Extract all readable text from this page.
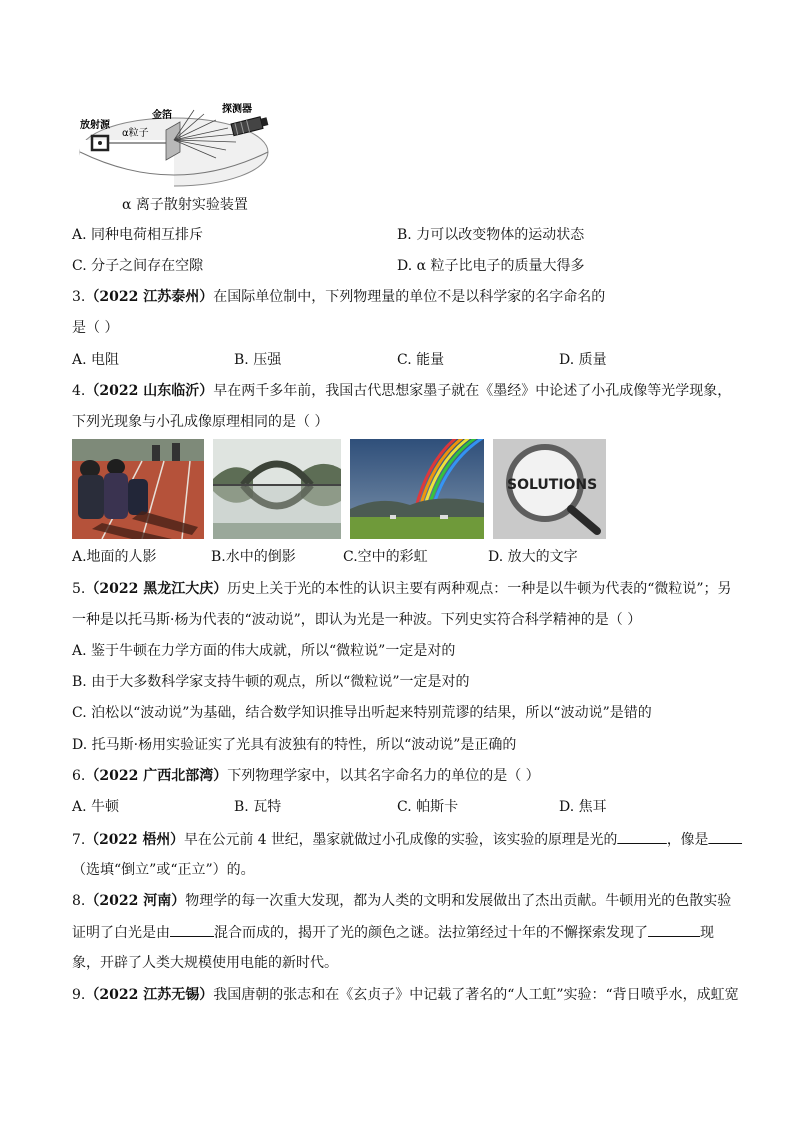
放射源
金箔
探测器
α粒子
α 离子散射实验装置
A. 同种电荷相互排斥	B. 力可以改变物体的运动状态
C. 分子之间存在空隙	D. α 粒子比电子的质量大得多
3.（2022 江苏泰州）在国际单位制中，下列物理量的单位不是以科学家的名字命名的
是（ ）
A. 电阻	B. 压强	C. 能量	D. 质量
4.（2022 山东临沂）早在两千多年前，我国古代思想家墨子就在《墨经》中论述了小孔成像等光学现象，
下列光现象与小孔成像原理相同的是（ ）
SOLUTIONS
A.地面的人影	B.水中的倒影	C.空中的彩虹	D. 放大的文字
5.（2022 黑龙江大庆）历史上关于光的本性的认识主要有两种观点：一种是以牛顿为代表的“微粒说”；另
一种是以托马斯·杨为代表的“波动说”，即认为光是一种波。下列史实符合科学精神的是（ ）
A. 鉴于牛顿在力学方面的伟大成就，所以“微粒说”一定是对的
B. 由于大多数科学家支持牛顿的观点，所以“微粒说”一定是对的
C. 泊松以“波动说”为基础，结合数学知识推导出听起来特别荒谬的结果，所以“波动说”是错的
D. 托马斯·杨用实验证实了光具有波独有的特性，所以“波动说”是正确的
6.（2022 广西北部湾）下列物理学家中，以其名字命名力的单位的是（ ）
A. 牛顿	B. 瓦特	C. 帕斯卡	D. 焦耳
7.（2022 梧州）早在公元前 4 世纪，墨家就做过小孔成像的实验，该实验的原理是光的	，像是
（选填“倒立”或“正立”）的。
8.（2022 河南）物理学的每一次重大发现，都为人类的文明和发展做出了杰出贡献。牛顿用光的色散实验
证明了白光是由	混合而成的，揭开了光的颜色之谜。法拉第经过十年的不懈探索发现了	现
象，开辟了人类大规模使用电能的新时代。
9.（2022 江苏无锡）我国唐朝的张志和在《玄贞子》中记载了著名的“人工虹”实验：“背日喷乎水，成虹宽
